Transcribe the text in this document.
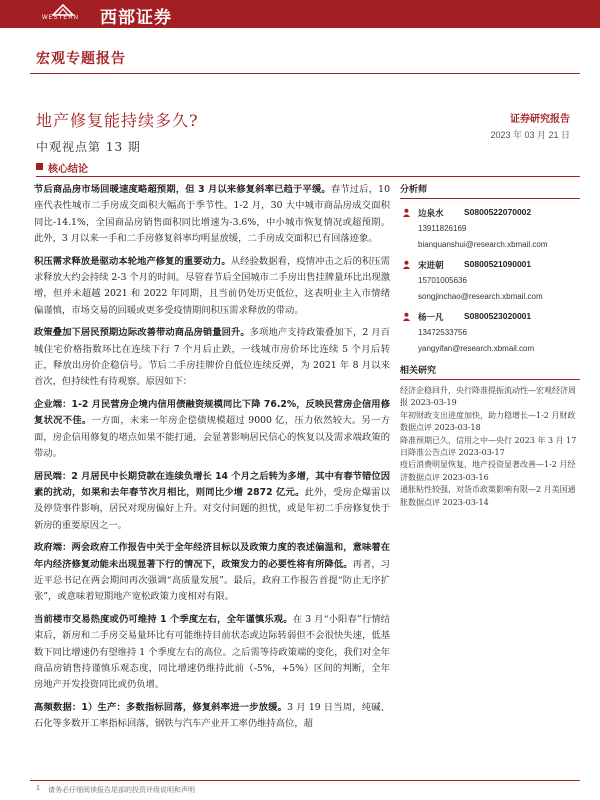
WESTERN 西部证券
宏观专题报告
地产修复能持续多久?
中观视点第 13 期
证券研究报告
2023 年 03 月 21 日
核心结论

节后商品房市场回暖速度略超预期，但 3 月以来修复斜率已趋于平缓。春节过后，10 座代表性城市二手房成交面积大幅高于季节性。1-2 月，30 大中城市商品房成交面积同比-14.1%，全国商品房销售面积同比增速为-3.6%，中小城市恢复情况或超预期。此外，3 月以来一手和二手房修复斜率均明显放缓，二手房成交面积已有回落迹象。

积压需求释放是驱动本轮地产修复的重要动力。从经验数据看，疫情冲击之后的积压需求释放大约会持续 2-3 个月的时间。尽管春节后全国城市二手房出售挂牌量环比出现激增，但并未超越 2021 和 2022 年同期，且当前仍处历史低位，这表明业主入市情绪偏谨慎，市场交易的回暖或更多受疫情期间积压需求释放的带动。

政策叠加下居民预期边际改善带动商品房销量回升。多项地产支持政策叠加下，2 月百城住宅价格指数环比在连续下行 7 个月后止跌，一线城市房价环比连续 5 个月后转正，释放出房价企稳信号。节后二手房挂牌价自低位连续反弹，为 2021 年 8 月以来首次，但持续性有待观察。原因如下：

企业端：1-2 月民营房企境内信用债融资规模同比下降 76.2%，反映民营房企信用修复状况不佳。一方面，未来一年房企偿债规模超过 9000 亿，压力依然较大。另一方面，房企信用修复的堵点如果不能打通，会显著影响居民信心的恢复以及需求端政策的带动。

居民端：2 月居民中长期贷款在连续负增长 14 个月之后转为多增，其中有春节错位因素的扰动，如果和去年春节次月相比，则同比少增 2872 亿元。此外，受房企爆雷以及停贷事件影响，居民对现房偏好上升。对交付问题的担忧，或是年初二手房修复快于新房的重要原因之一。

政府端：两会政府工作报告中关于全年经济目标以及政策力度的表述偏温和，意味着在年内经济修复动能未出现显著下行的情况下，政策发力的必要性将有所降低。再者，习近平总书记在两会期间再次强调“高质量发展”。最后，政府工作报告首提“防止无序扩张”，或意味着短期地产宽松政策力度相对有限。

当前楼市交易热度或仍可维持 1 个季度左右，全年谨慎乐观。在 3 月“小阳春”行情结束后，新房和二手房交易量环比有可能维持目前状态或边际转弱但不会很快失速，低基数下同比增速仍有望维持 1 个季度左右的高位。之后需等待政策端的变化，我们对全年商品房销售持谨慎乐观态度，同比增速仍维持此前（-5%，+5%）区间的判断，全年房地产开发投资同比或仍负增。

高频数据：1）生产：多数指标回落，修复斜率进一步放缓。3 月 19 日当周，纯碱、石化等多数开工率指标回落，钢铁与汽车产业开工率仍维持高位，超

分析师
边泉水 S0800522070002
13911826169
bianquanshui@research.xbmail.com
宋进朝 S0800521090001
15701005636
songjinchao@research.xbmail.com
杨一凡 S0800523020001
13472533756
yangyifan@research.xbmail.com
相关研究
经济企稳回升，央行降准提振流动性—宏观经济周报 2023-03-19
年初财政支出进度加快，助力稳增长—1-2 月财政数据点评 2023-03-18
降准预期已久，信用之中—央行 2023 年 3 月 17 日降准公告点评 2023-03-17
疫后消费明显恢复，地产投资显著改善—1-2 月经济数据点评 2023-03-16
通胀粘性较强，对货币政策影响有限—2 月美国通胀数据点评 2023-03-14
1 请务必仔细阅读报告尾部的投资评级说明和声明
